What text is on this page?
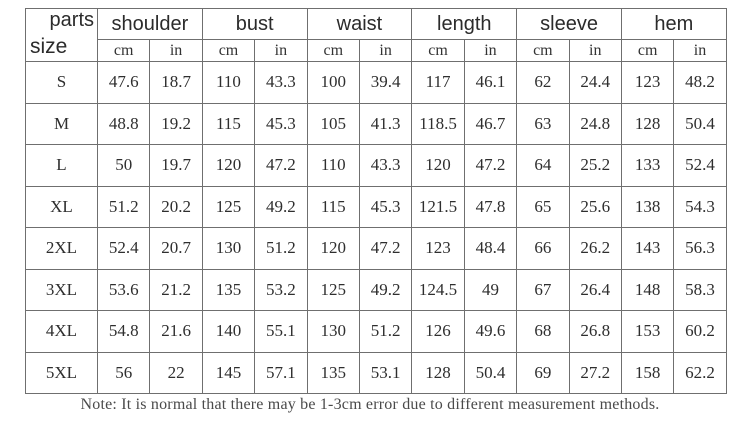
parts
size	shoulder		bust		waist		length		sleeve		hem	
	cm	in	cm	in	cm	in	cm	in	cm	in	cm	in
S	47.6	18.7	110	43.3	100	39.4	117	46.1	62	24.4	123	48.2
M	48.8	19.2	115	45.3	105	41.3	118.5	46.7	63	24.8	128	50.4
L	50	19.7	120	47.2	110	43.3	120	47.2	64	25.2	133	52.4
XL	51.2	20.2	125	49.2	115	45.3	121.5	47.8	65	25.6	138	54.3
2XL	52.4	20.7	130	51.2	120	47.2	123	48.4	66	26.2	143	56.3
3XL	53.6	21.2	135	53.2	125	49.2	124.5	49	67	26.4	148	58.3
4XL	54.8	21.6	140	55.1	130	51.2	126	49.6	68	26.8	153	60.2
5XL	56	22	145	57.1	135	53.1	128	50.4	69	27.2	158	62.2
Note: It is normal that there may be 1-3cm error due to different measurement methods.
